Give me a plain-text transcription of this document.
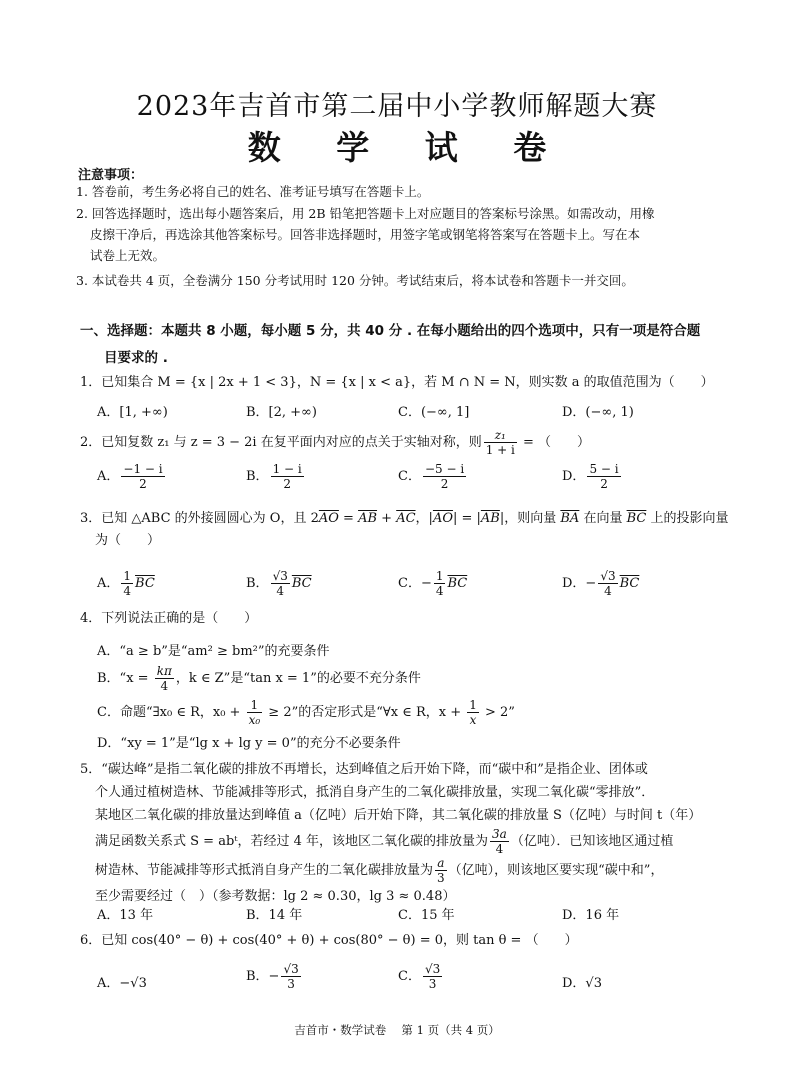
2023年吉首市第二届中小学教师解题大赛
数 学 试 卷
注意事项：
1. 答卷前，考生务必将自己的姓名、准考证号填写在答题卡上。
2. 回答选择题时，选出每小题答案后，用 2B 铅笔把答题卡上对应题目的答案标号涂黑。如需改动，用橡
皮擦干净后，再选涂其他答案标号。回答非选择题时，用签字笔或钢笔将答案写在答题卡上。写在本
试卷上无效。
3. 本试卷共 4 页，全卷满分 150 分考试用时 120 分钟。考试结束后，将本试卷和答题卡一并交回。
一、选择题：本题共 8 小题，每小题 5 分，共 40 分 . 在每小题给出的四个选项中，只有一项是符合题
目要求的 .
1．已知集合 M = {x | 2x + 1 < 3}，N = {x | x < a}，若 M ∩ N = N，则实数 a 的取值范围为（　　）
A．[1, +∞)	B．[2, +∞)	C．(−∞, 1]	D．(−∞, 1)
2．已知复数 z₁ 与 z = 3 − 2i 在复平面内对应的点关于实轴对称，则 $\frac{\text{z₁}}{1 + i}$ = （　　）
A． $\frac{-1 - i}{2}$	B． $\frac{1 - i}{2}$	C． $\frac{-5 - i}{2}$	D． $\frac{5 - i}{2}$
3．已知 △ABC 的外接圆圆心为 O，且 $2\overline{AO} = \overline{AB} + \overline{AC}$，$|\overline{AO}| = |\overline{AB}|$，则向量 $\overline{BA}$ 在向量 $\overline{BC}$ 上的投影向量
为（　　）
A． $\frac{1}{4} \overline{BC}$	B． $\frac{√3}{4} \overline{BC}$	C．− $\frac{1}{4} \overline{BC}$	D．− $\frac{√3}{4} \overline{BC}$
4．下列说法正确的是（　　）
A．“a ≥ b”是“am² ≥ bm²”的充要条件
B．“$x = \frac{k\pi}{4}$ ，k ∈ Z”是“tan x = 1”的必要不充分条件
C．命题“∃x₀ ∈ R，$x_0 + \frac{1}{\text{x₀}} \ge 2$”的否定形式是“∀x ∈ R，$x + \frac{1}{x} > 2$”
D．“xy = 1”是“lg x + lg y = 0”的充分不必要条件
5．“碳达峰”是指二氧化碳的排放不再增长，达到峰值之后开始下降，而“碳中和”是指企业、团体或
个人通过植树造林、节能减排等形式，抵消自身产生的二氧化碳排放量，实现二氧化碳“零排放”．
某地区二氧化碳的排放量达到峰值 a（亿吨）后开始下降，其二氧化碳的排放量 S（亿吨）与时间 t（年）
满足函数关系式 S = abᵗ，若经过 4 年，该地区二氧化碳的排放量为 $\frac{3a}{4}$ （亿吨）．已知该地区通过植
树造林、节能减排等形式抵消自身产生的二氧化碳排放量为 $\frac{a}{3}$ （亿吨），则该地区要实现“碳中和”，
至少需要经过（　）（参考数据：lg 2 ≈ 0.30，lg 3 ≈ 0.48）
A．13 年	B．14 年	C．15 年	D．16 年
6．已知 cos(40° − θ) + cos(40° + θ) + cos(80° − θ) = 0，则 tan θ = （　　）
A．−√3	B．− $\frac{√3}{3}$	C． $\frac{√3}{3}$	D．√3
吉首市・数学试卷　 第 1 页（共 4 页）
